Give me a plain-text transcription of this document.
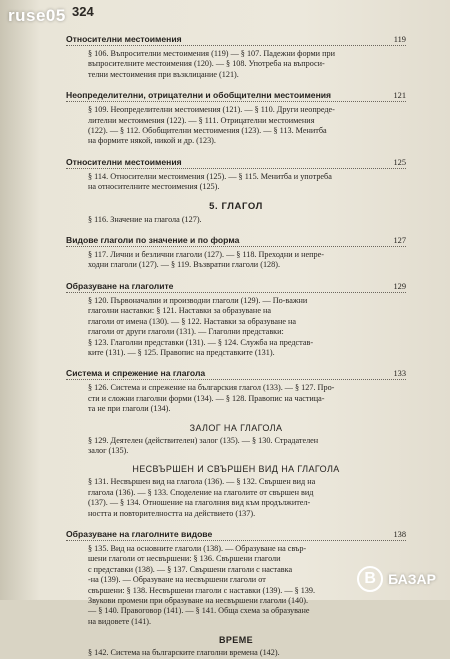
ruse05 324
Относителни местоимения	119
§ 106. Въпросителни местоимения (119) — § 107. Падежни форми при
въпросителните местоимения (120). — § 108. Употреба на въпроси-
телни местоимения при възклицание (121).
Неопределителни, отрицателни и обобщителни местоимения	121
§ 109. Неопределителни местоимения (121). — § 110. Други неопреде-
лителни местоимения (122). — § 111. Отрицателни местоимения
(122). — § 112. Обобщителни местоимения (123). — § 113. Менитба
на формите някой, никой и др. (123).
Относителни местоимения	125
§ 114. Относителни местоимения (125). — § 115. Менитба и употреба
на относителните местоимения (125).
5. ГЛАГОЛ
§ 116. Значение на глагола (127).
Видове глаголи по значение и по форма	127
§ 117. Лични и безлични глаголи (127). — § 118. Преходни и непре-
ходни глаголи (127). — § 119. Възвратни глаголи (128).
Образуване на глаголите	129
§ 120. Първоначални и производни глаголи (129). — По-важни
глаголни наставки: § 121. Наставки за образуване на
глаголи от имена (130). — § 122. Наставки за образуване на
глаголи от други глаголи (131). — Глаголни представки:
§ 123. Глаголни представки (131). — § 124. Служба на представ-
ките (131). — § 125. Правопис на представките (131).
Система и спрежение на глагола	133
§ 126. Система и спрежение на българския глагол (133). — § 127. Про-
сти и сложни глаголни форми (134). — § 128. Правопис на частица-
та не при глаголи (134).
ЗАЛОГ НА ГЛАГОЛА
§ 129. Деятелен (действителен) залог (135). — § 130. Страдателен
залог (135).
НЕСВЪРШЕН И СВЪРШЕН ВИД НА ГЛАГОЛА
§ 131. Несвършен вид на глагола (136). — § 132. Свършен вид на
глагола (136). — § 133. Споделение на глаголите от свършен вид
(137). — § 134. Отношение на глаголния вид към продължител-
ността и повторителността на действието (137).
Образуване на глаголните видове	138
§ 135. Вид на основните глаголи (138). — Образуване на свър-
шени глаголи от несвършени: § 136. Свършени глаголи
с представки (138). — § 137. Свършени глаголи с наставка
-на (139). — Образуване на несвършени глаголи от
свършени: § 138. Несвършени глаголи с наставки (139). — § 139.
Звукови промени при образуване на несвършени глаголи (140).
— § 140. Правоговор (141). — § 141. Обща схема за образуване
на видовете (141).
ВРЕМЕ
§ 142. Система на българските глаголни времена (142).
B БАЗАР
